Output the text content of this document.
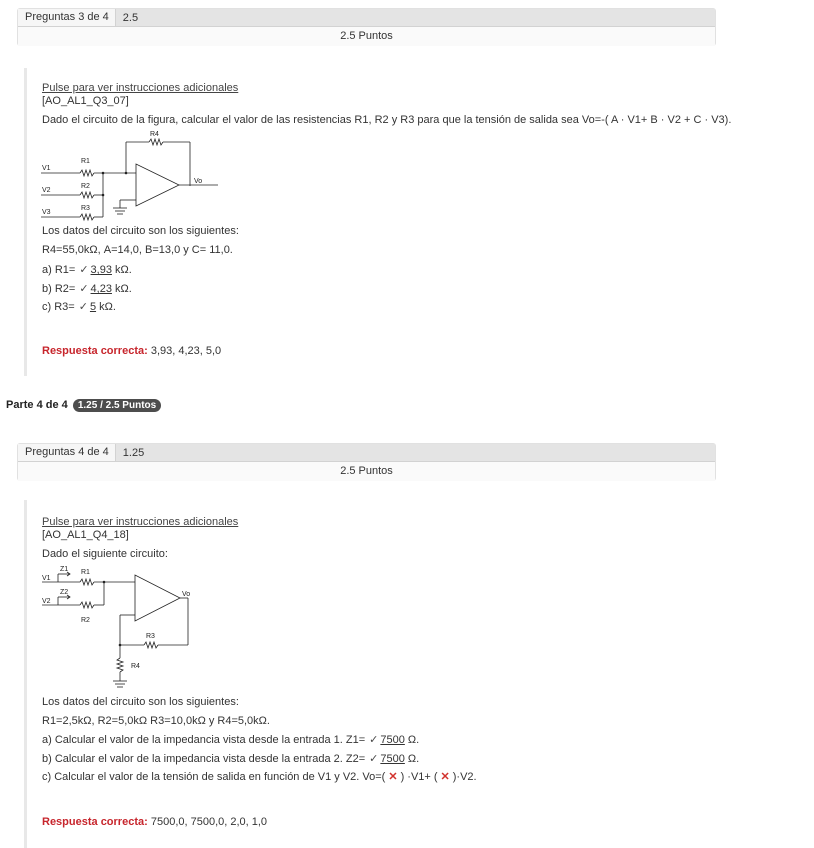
Preguntas 3 de 4	2.5
2.5 Puntos
Pulse para ver instrucciones adicionales
[AO_AL1_Q3_07]
Dado el circuito de la figura, calcular el valor de las resistencias R1, R2 y R3 para que la tensión de salida sea Vo=-( A · V1+ B · V2 + C · V3).
R4
R1
R2
R3
V1
V2
V3
Vo
Los datos del circuito son los siguientes:
R4=55,0kΩ, A=14,0, B=13,0 y C= 11,0.
a) R1= ✓ 3,93 kΩ.
b) R2= ✓ 4,23 kΩ.
c) R3= ✓ 5 kΩ.
Respuesta correcta: 3,93, 4,23, 5,0
Parte 4 de 4 1.25 / 2.5 Puntos
Preguntas 4 de 4	1.25
2.5 Puntos
Pulse para ver instrucciones adicionales
[AO_AL1_Q4_18]
Dado el siguiente circuito:
Z1
Z2
R1
R2
R3
R4
V1
V2
Vo
Los datos del circuito son los siguientes:
R1=2,5kΩ, R2=5,0kΩ R3=10,0kΩ y R4=5,0kΩ.
a) Calcular el valor de la impedancia vista desde la entrada 1. Z1= ✓ 7500 Ω.
b) Calcular el valor de la impedancia vista desde la entrada 2. Z2= ✓ 7500 Ω.
c) Calcular el valor de la tensión de salida en función de V1 y V2. Vo=( ✕ ) ·V1+ ( ✕ )·V2.
Respuesta correcta: 7500,0, 7500,0, 2,0, 1,0
